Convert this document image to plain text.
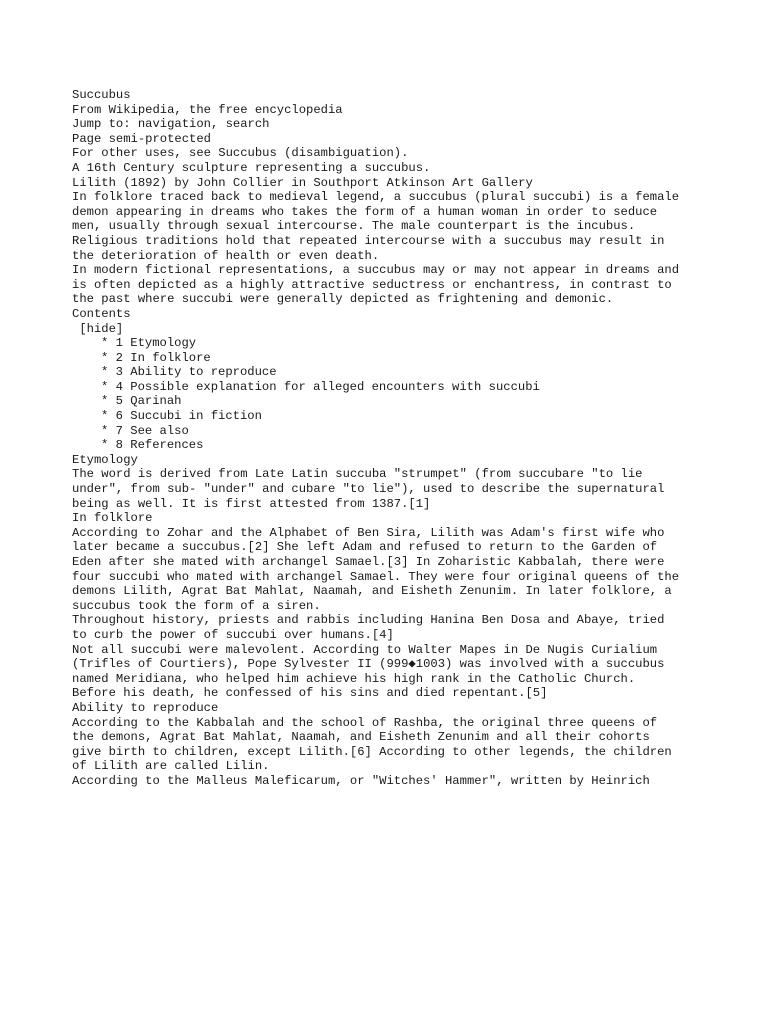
Succubus
From Wikipedia, the free encyclopedia
Jump to: navigation, search
Page semi-protected
For other uses, see Succubus (disambiguation).
A 16th Century sculpture representing a succubus.
Lilith (1892) by John Collier in Southport Atkinson Art Gallery
In folklore traced back to medieval legend, a succubus (plural succubi) is a female
demon appearing in dreams who takes the form of a human woman in order to seduce
men, usually through sexual intercourse. The male counterpart is the incubus.
Religious traditions hold that repeated intercourse with a succubus may result in
the deterioration of health or even death.
In modern fictional representations, a succubus may or may not appear in dreams and
is often depicted as a highly attractive seductress or enchantress, in contrast to
the past where succubi were generally depicted as frightening and demonic.
Contents
[hide]
* 1 Etymology
* 2 In folklore
* 3 Ability to reproduce
* 4 Possible explanation for alleged encounters with succubi
* 5 Qarinah
* 6 Succubi in fiction
* 7 See also
* 8 References
Etymology
The word is derived from Late Latin succuba "strumpet" (from succubare "to lie
under", from sub- "under" and cubare "to lie"), used to describe the supernatural
being as well. It is first attested from 1387.[1]
In folklore
According to Zohar and the Alphabet of Ben Sira, Lilith was Adam's first wife who
later became a succubus.[2] She left Adam and refused to return to the Garden of
Eden after she mated with archangel Samael.[3] In Zoharistic Kabbalah, there were
four succubi who mated with archangel Samael. They were four original queens of the
demons Lilith, Agrat Bat Mahlat, Naamah, and Eisheth Zenunim. In later folklore, a
succubus took the form of a siren.
Throughout history, priests and rabbis including Hanina Ben Dosa and Abaye, tried
to curb the power of succubi over humans.[4]
Not all succubi were malevolent. According to Walter Mapes in De Nugis Curialium
(Trifles of Courtiers), Pope Sylvester II (999◆1003) was involved with a succubus
named Meridiana, who helped him achieve his high rank in the Catholic Church.
Before his death, he confessed of his sins and died repentant.[5]
Ability to reproduce
According to the Kabbalah and the school of Rashba, the original three queens of
the demons, Agrat Bat Mahlat, Naamah, and Eisheth Zenunim and all their cohorts
give birth to children, except Lilith.[6] According to other legends, the children
of Lilith are called Lilin.
According to the Malleus Maleficarum, or "Witches' Hammer", written by Heinrich
